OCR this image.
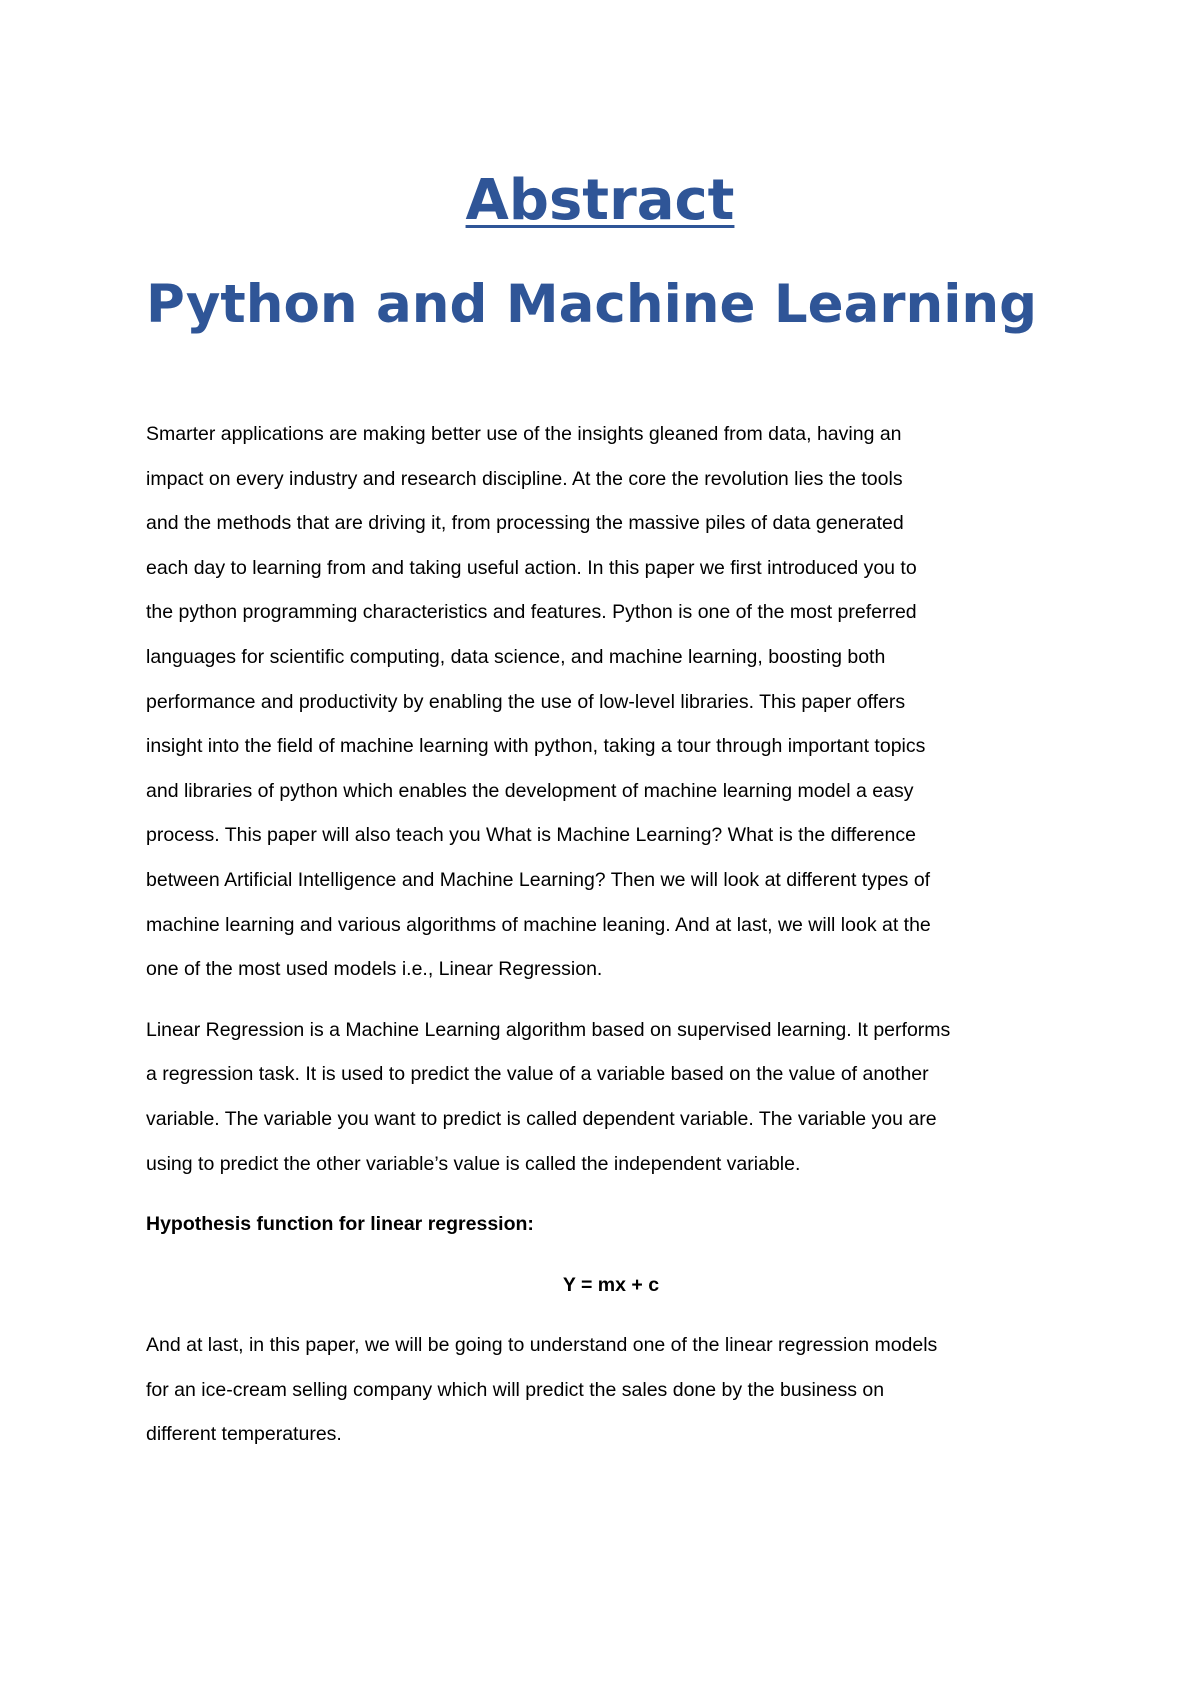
Abstract
Python and Machine Learning
Smarter applications are making better use of the insights gleaned from data, having an
impact on every industry and research discipline. At the core the revolution lies the tools
and the methods that are driving it, from processing the massive piles of data generated
each day to learning from and taking useful action. In this paper we first introduced you to
the python programming characteristics and features. Python is one of the most preferred
languages for scientific computing, data science, and machine learning, boosting both
performance and productivity by enabling the use of low-level libraries. This paper offers
insight into the field of machine learning with python, taking a tour through important topics
and libraries of python which enables the development of machine learning model a easy
process. This paper will also teach you What is Machine Learning? What is the difference
between Artificial Intelligence and Machine Learning? Then we will look at different types of
machine learning and various algorithms of machine leaning. And at last, we will look at the
one of the most used models i.e., Linear Regression.
Linear Regression is a Machine Learning algorithm based on supervised learning. It performs
a regression task. It is used to predict the value of a variable based on the value of another
variable. The variable you want to predict is called dependent variable. The variable you are
using to predict the other variable’s value is called the independent variable.
Hypothesis function for linear regression:
Y = mx + c
And at last, in this paper, we will be going to understand one of the linear regression models
for an ice-cream selling company which will predict the sales done by the business on
different temperatures.
